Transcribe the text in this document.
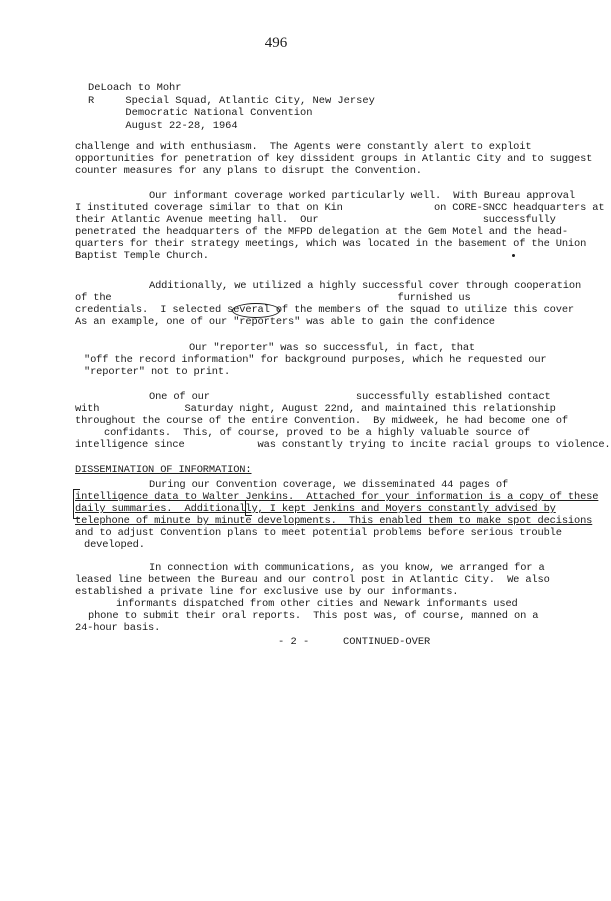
496
DeLoach to Mohr
R     Special Squad, Atlantic City, New Jersey
Democratic National Convention
August 22-28, 1964
challenge and with enthusiasm.  The Agents were constantly alert to exploit
opportunities for penetration of key dissident groups in Atlantic City and to suggest
counter measures for any plans to disrupt the Convention.
Our informant coverage worked particularly well.  With Bureau approval
I instituted coverage similar to that on Kin               on CORE-SNCC headquarters at
their Atlantic Avenue meeting hall.  Our                           successfully
penetrated the headquarters of the MFPD delegation at the Gem Motel and the head-
quarters for their strategy meetings, which was located in the basement of the Union
Baptist Temple Church.
Additionally, we utilized a highly successful cover through cooperation
of the                                               furnished us
credentials.  I selected several of the members of the squad to utilize this cover
As an example, one of our "reporters" was able to gain the confidence
Our "reporter" was so successful, in fact, that
"off the record information" for background purposes, which he requested our
"reporter" not to print.
One of our                        successfully established contact
with              Saturday night, August 22nd, and maintained this relationship
throughout the course of the entire Convention.  By midweek, he had become one of
confidants.  This, of course, proved to be a highly valuable source of
intelligence since            was constantly trying to incite racial groups to violence.
DISSEMINATION OF INFORMATION:
During our Convention coverage, we disseminated 44 pages of
intelligence data to Walter Jenkins.  Attached for your information is a copy of these
daily summaries.  Additionally, I kept Jenkins and Moyers constantly advised by
telephone of minute by minute developments.  This enabled them to make spot decisions
and to adjust Convention plans to meet potential problems before serious trouble
developed.
In connection with communications, as you know, we arranged for a
leased line between the Bureau and our control post in Atlantic City.  We also
established a private line for exclusive use by our informants.
informants dispatched from other cities and Newark informants used
phone to submit their oral reports.  This post was, of course, manned on a
24-hour basis.
- 2 -	CONTINUED-OVER
